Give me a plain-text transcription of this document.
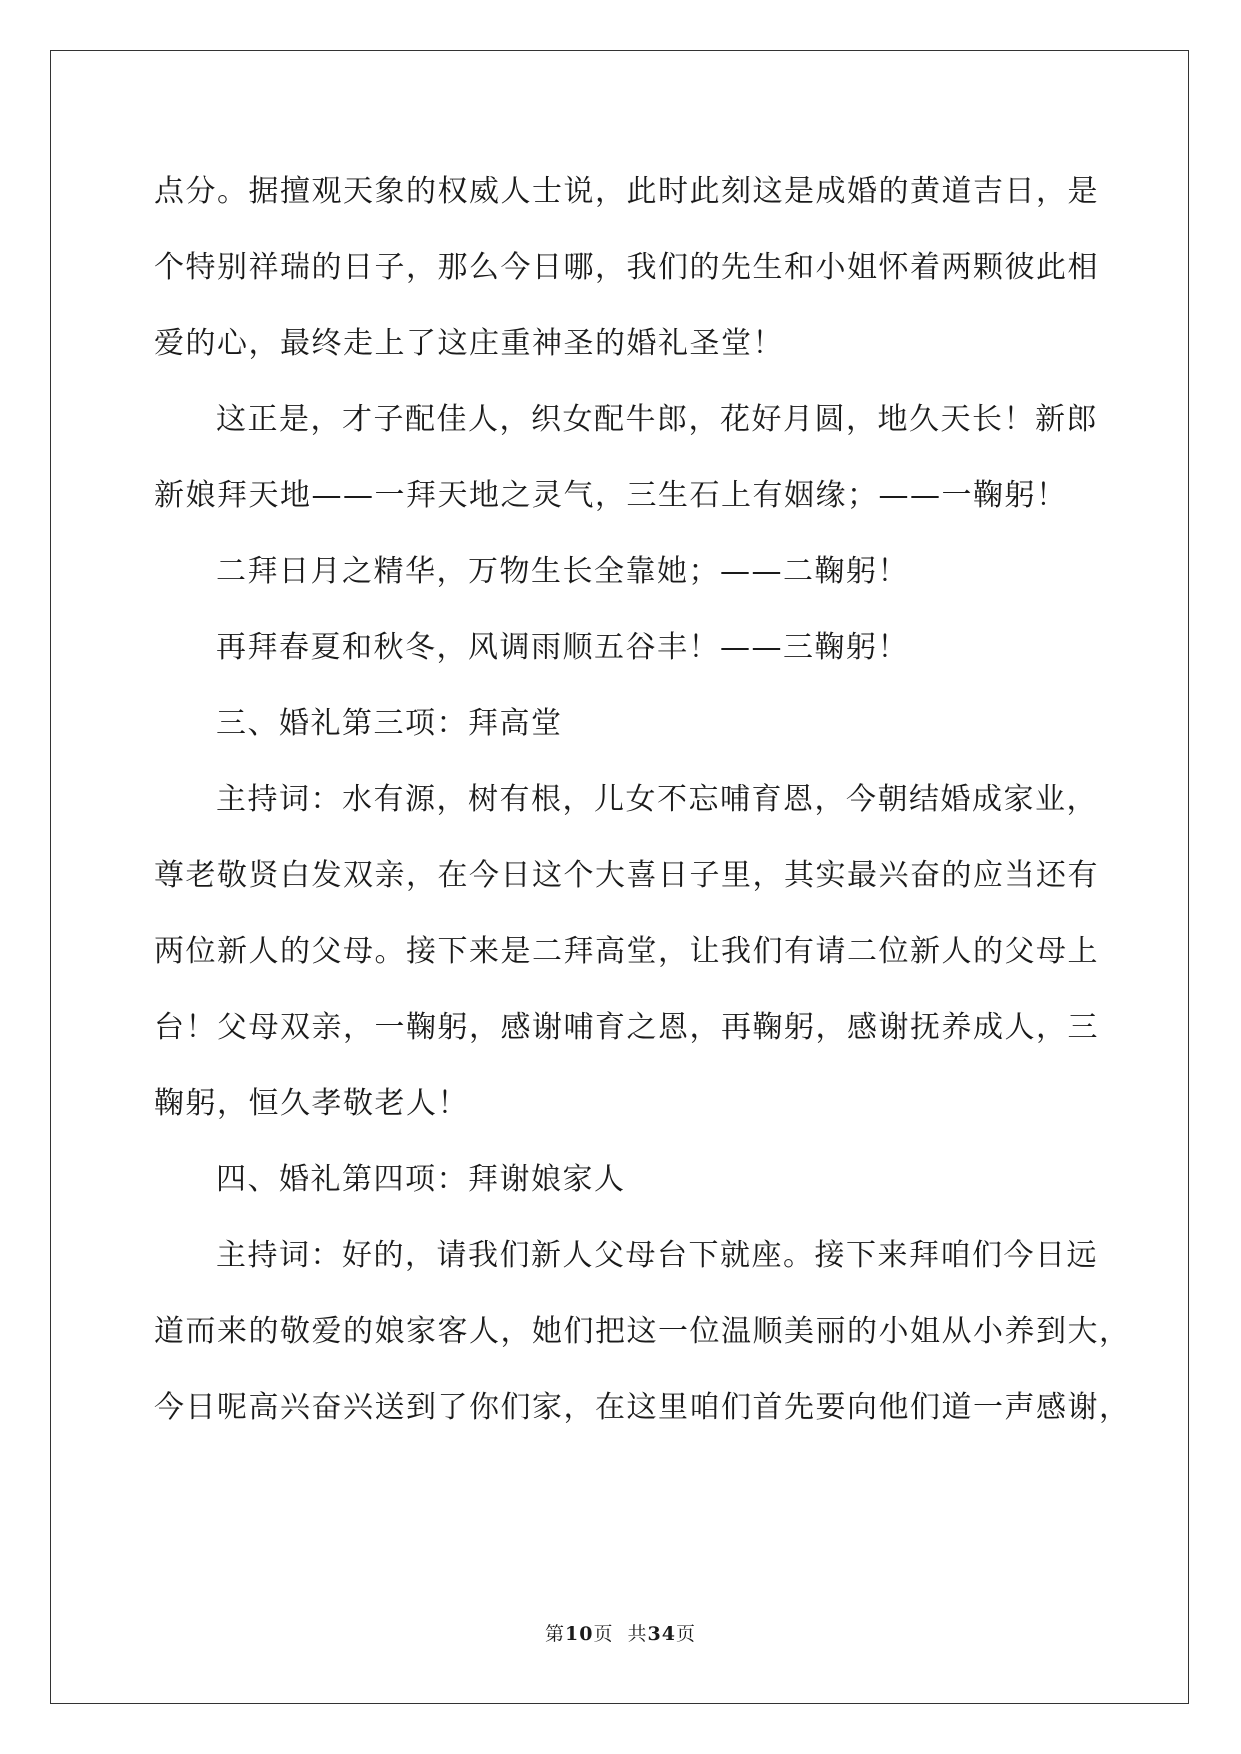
点分。据擅观天象的权威人士说，此时此刻这是成婚的黄道吉日，是
个特别祥瑞的日子，那么今日哪，我们的先生和小姐怀着两颗彼此相
爱的心，最终走上了这庄重神圣的婚礼圣堂！
这正是，才子配佳人，织女配牛郎，花好月圆，地久天长！新郎
新娘拜天地——一拜天地之灵气，三生石上有姻缘；——一鞠躬！
二拜日月之精华，万物生长全靠她；——二鞠躬！
再拜春夏和秋冬，风调雨顺五谷丰！——三鞠躬！
三、婚礼第三项：拜高堂
主持词：水有源，树有根，儿女不忘哺育恩，今朝结婚成家业，
尊老敬贤白发双亲，在今日这个大喜日子里，其实最兴奋的应当还有
两位新人的父母。接下来是二拜高堂，让我们有请二位新人的父母上
台！父母双亲，一鞠躬，感谢哺育之恩，再鞠躬，感谢抚养成人，三
鞠躬，恒久孝敬老人！
四、婚礼第四项：拜谢娘家人
主持词：好的，请我们新人父母台下就座。接下来拜咱们今日远
道而来的敬爱的娘家客人，她们把这一位温顺美丽的小姐从小养到大，
今日呢高兴奋兴送到了你们家，在这里咱们首先要向他们道一声感谢，
第10页 共34页
